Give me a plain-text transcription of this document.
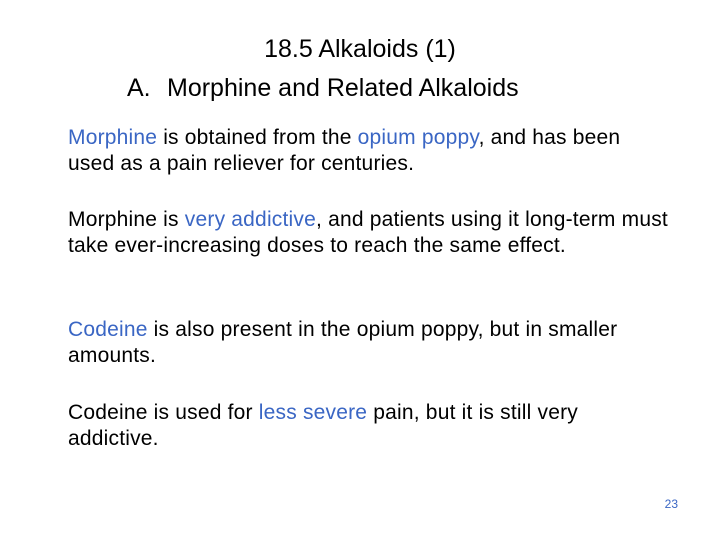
18.5 Alkaloids (1)
A. Morphine and Related Alkaloids
Morphine is obtained from the opium poppy, and has been used as a pain reliever for centuries.
Morphine is very addictive, and patients using it long-term must take ever-increasing doses to reach the same effect.
Codeine is also present in the opium poppy, but in smaller amounts.
Codeine is used for less severe pain, but it is still very addictive.
23
